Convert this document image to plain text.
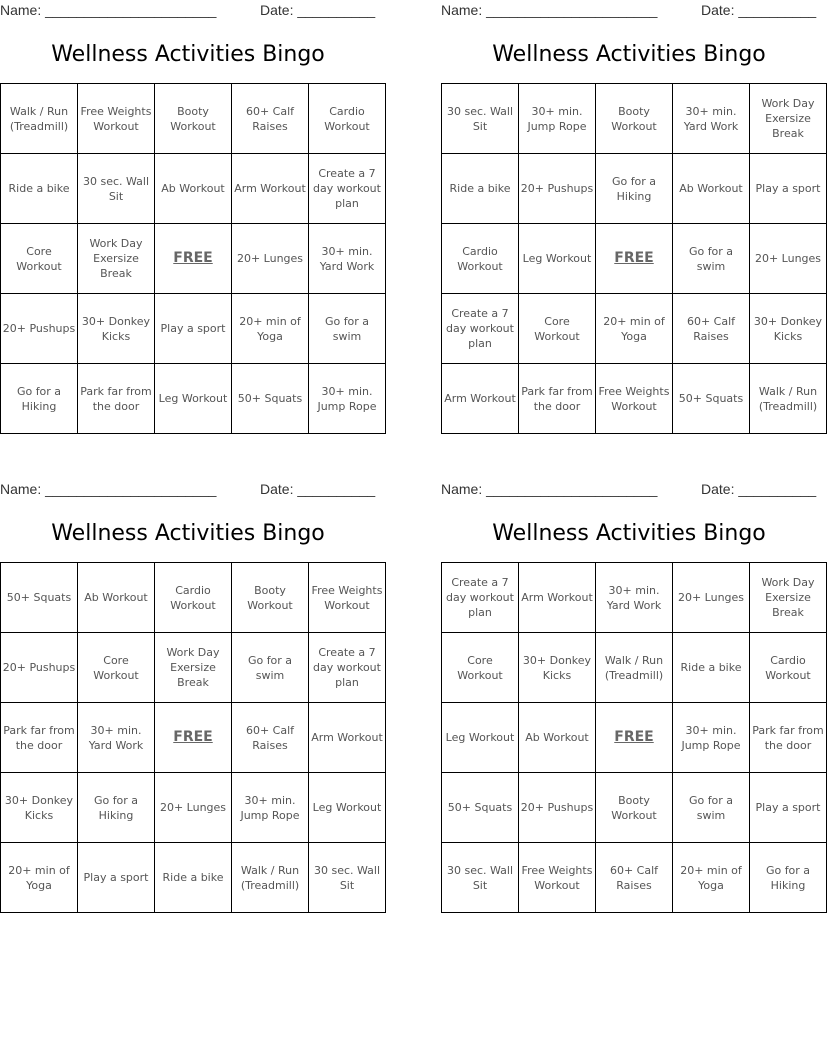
Name: ______________________	Date: __________
Wellness Activities Bingo
Walk / Run (Treadmill)	Free Weights Workout	Booty Workout	60+ Calf Raises	Cardio Workout
Ride a bike	30 sec. Wall Sit	Ab Workout	Arm Workout	Create a 7 day workout plan
Core Workout	Work Day Exersize Break	FREE	20+ Lunges	30+ min. Yard Work
20+ Pushups	30+ Donkey Kicks	Play a sport	20+ min of Yoga	Go for a swim
Go for a Hiking	Park far from the door	Leg Workout	50+ Squats	30+ min. Jump Rope
Name: ______________________	Date: __________
Wellness Activities Bingo
30 sec. Wall Sit	30+ min. Jump Rope	Booty Workout	30+ min. Yard Work	Work Day Exersize Break
Ride a bike	20+ Pushups	Go for a Hiking	Ab Workout	Play a sport
Cardio Workout	Leg Workout	FREE	Go for a swim	20+ Lunges
Create a 7 day workout plan	Core Workout	20+ min of Yoga	60+ Calf Raises	30+ Donkey Kicks
Arm Workout	Park far from the door	Free Weights Workout	50+ Squats	Walk / Run (Treadmill)
Name: ______________________	Date: __________
Wellness Activities Bingo
50+ Squats	Ab Workout	Cardio Workout	Booty Workout	Free Weights Workout
20+ Pushups	Core Workout	Work Day Exersize Break	Go for a swim	Create a 7 day workout plan
Park far from the door	30+ min. Yard Work	FREE	60+ Calf Raises	Arm Workout
30+ Donkey Kicks	Go for a Hiking	20+ Lunges	30+ min. Jump Rope	Leg Workout
20+ min of Yoga	Play a sport	Ride a bike	Walk / Run (Treadmill)	30 sec. Wall Sit
Name: ______________________	Date: __________
Wellness Activities Bingo
Create a 7 day workout plan	Arm Workout	30+ min. Yard Work	20+ Lunges	Work Day Exersize Break
Core Workout	30+ Donkey Kicks	Walk / Run (Treadmill)	Ride a bike	Cardio Workout
Leg Workout	Ab Workout	FREE	30+ min. Jump Rope	Park far from the door
50+ Squats	20+ Pushups	Booty Workout	Go for a swim	Play a sport
30 sec. Wall Sit	Free Weights Workout	60+ Calf Raises	20+ min of Yoga	Go for a Hiking
